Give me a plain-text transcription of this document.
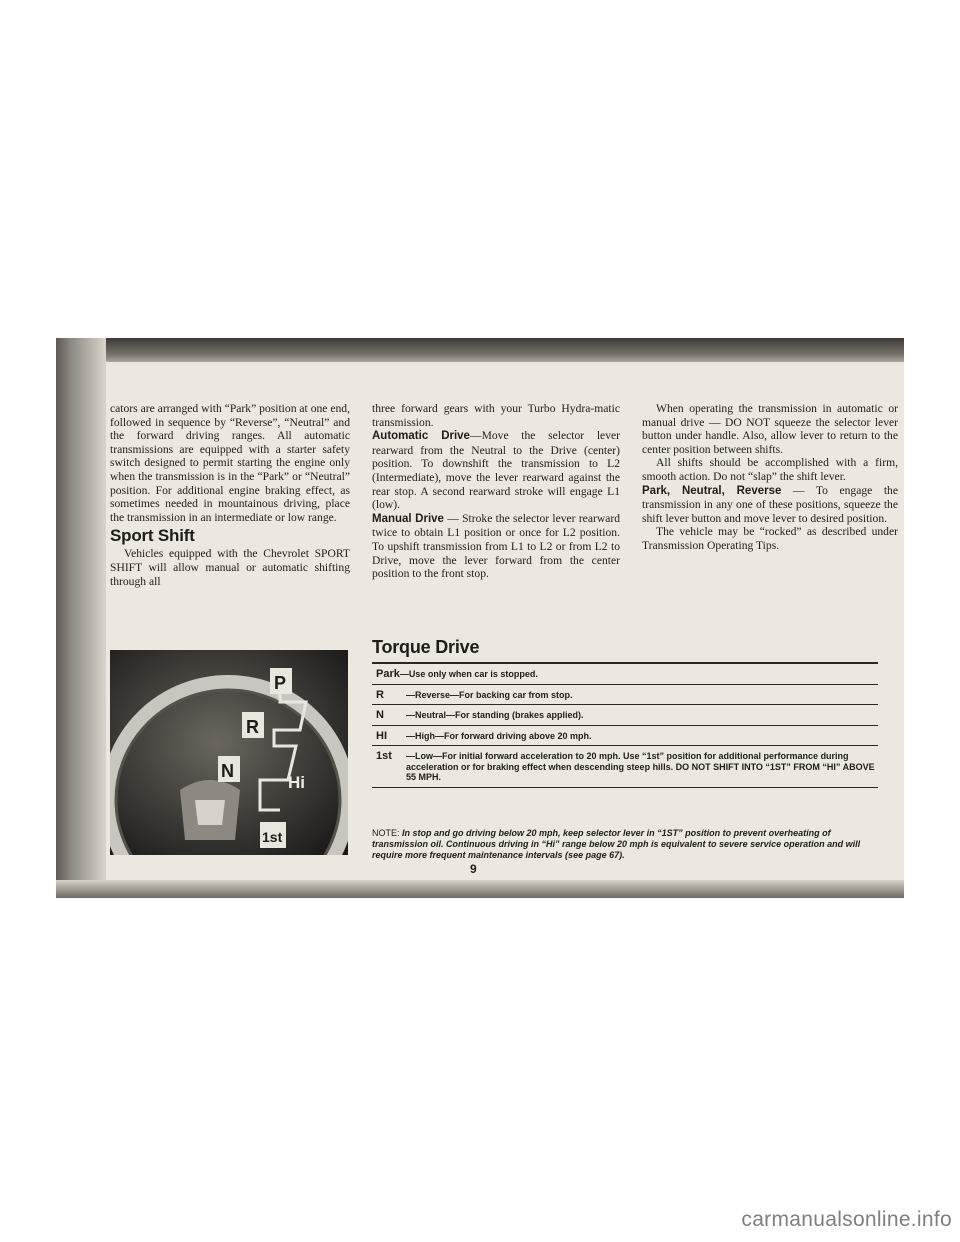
cators are arranged with “Park” position at one end, followed in sequence by “Reverse”, “Neutral” and the forward driving ranges. All automatic transmissions are equipped with a starter safety switch designed to permit starting the engine only when the transmission is in the “Park” or “Neutral” position. For additional engine braking effect, as sometimes needed in mountainous driving, place the transmission in an intermediate or low range.

Sport Shift

Vehicles equipped with the Chevrolet SPORT SHIFT will allow manual or automatic shifting through all

three forward gears with your Turbo Hydra-matic transmission.

Automatic Drive—Move the selector lever rearward from the Neutral to the Drive (center) position. To downshift the transmission to L2 (Intermediate), move the lever rearward against the rear stop. A second rearward stroke will engage L1 (low).

Manual Drive — Stroke the selector lever rearward twice to obtain L1 position or once for L2 position. To upshift transmission from L1 to L2 or from L2 to Drive, move the lever forward from the center position to the front stop.

When operating the transmission in automatic or manual drive — DO NOT squeeze the selector lever button under handle. Also, allow lever to return to the center position between shifts.

All shifts should be accomplished with a firm, smooth action. Do not “slap” the shift lever.

Park, Neutral, Reverse — To engage the transmission in any one of these positions, squeeze the shift lever button and move lever to desired position.

The vehicle may be “rocked” as described under Transmission Operating Tips.

P
R
N
Hi
1st
Torque Drive
Park —Use only when car is stopped.
R	—Reverse—For backing car from stop.
N	—Neutral—For standing (brakes applied).
HI	—High—For forward driving above 20 mph.
1st	—Low—For initial forward acceleration to 20 mph. Use “1st” position for additional performance during acceleration or for braking effect when descending steep hills. DO NOT SHIFT INTO “1ST” FROM “HI” ABOVE 55 MPH.
NOTE: In stop and go driving below 20 mph, keep selector lever in “1ST” position to prevent overheating of transmission oil. Continuous driving in “Hi” range below 20 mph is equivalent to severe service operation and will require more frequent maintenance intervals (see page 67).
9
carmanualsonline.info
